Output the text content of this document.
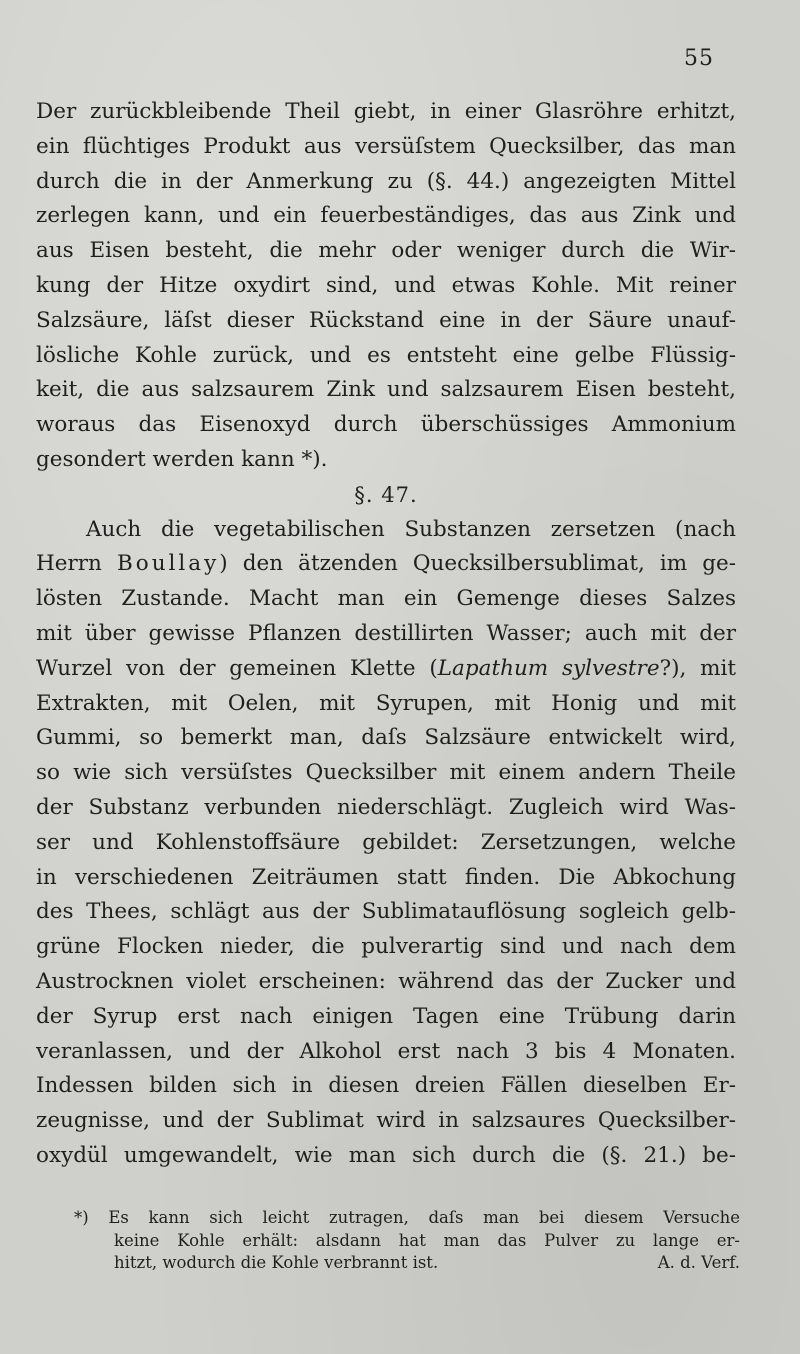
55
Der zurückbleibende Theil giebt, in einer Glasröhre erhitzt,
ein flüchtiges Produkt aus versüſstem Quecksilber, das man
durch die in der Anmerkung zu (§. 44.) angezeigten Mittel
zerlegen kann, und ein feuerbeständiges, das aus Zink und
aus Eisen besteht, die mehr oder weniger durch die Wir-
kung der Hitze oxydirt sind, und etwas Kohle. Mit reiner
Salzsäure, läſst dieser Rückstand eine in der Säure unauf-
lösliche Kohle zurück, und es entsteht eine gelbe Flüssig-
keit, die aus salzsaurem Zink und salzsaurem Eisen besteht,
woraus das Eisenoxyd durch überschüssiges Ammonium
gesondert werden kann *).
§. 47.
Auch die vegetabilischen Substanzen zersetzen (nach
Herrn Boullay) den ätzenden Quecksilbersublimat, im ge-
lösten Zustande. Macht man ein Gemenge dieses Salzes
mit über gewisse Pflanzen destillirten Wasser; auch mit der
Wurzel von der gemeinen Klette (Lapathum sylvestre?), mit
Extrakten, mit Oelen, mit Syrupen, mit Honig und mit
Gummi, so bemerkt man, daſs Salzsäure entwickelt wird,
so wie sich versüſstes Quecksilber mit einem andern Theile
der Substanz verbunden niederschlägt. Zugleich wird Was-
ser und Kohlenstoffsäure gebildet: Zersetzungen, welche
in verschiedenen Zeiträumen statt finden. Die Abkochung
des Thees, schlägt aus der Sublimatauflösung sogleich gelb-
grüne Flocken nieder, die pulverartig sind und nach dem
Austrocknen violet erscheinen: während das der Zucker und
der Syrup erst nach einigen Tagen eine Trübung darin
veranlassen, und der Alkohol erst nach 3 bis 4 Monaten.
Indessen bilden sich in diesen dreien Fällen dieselben Er-
zeugnisse, und der Sublimat wird in salzsaures Quecksilber-
oxydül umgewandelt, wie man sich durch die (§. 21.) be-
*) Es kann sich leicht zutragen, daſs man bei diesem Versuche
keine Kohle erhält: alsdann hat man das Pulver zu lange er-
hitzt, wodurch die Kohle verbrannt ist.	A. d. Verf.
